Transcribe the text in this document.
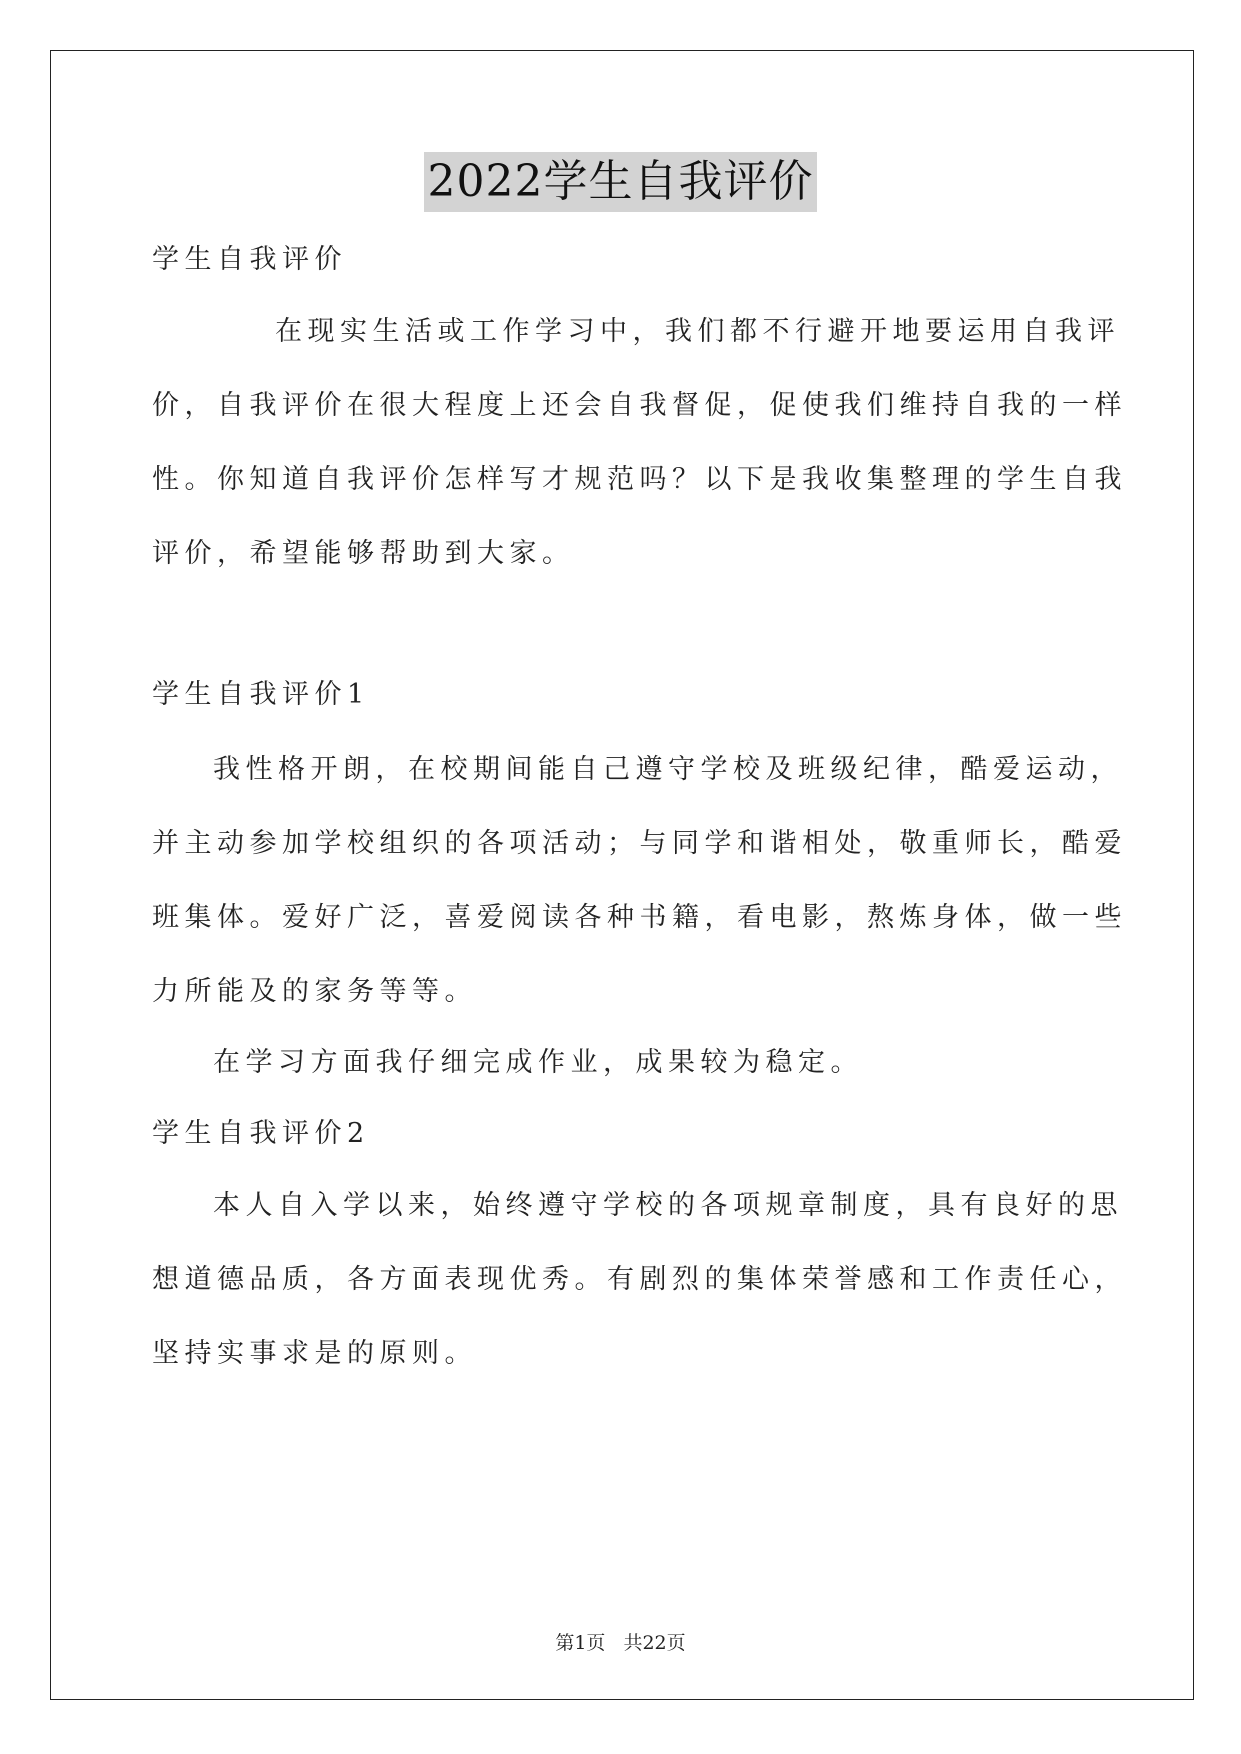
2022学生自我评价
学生自我评价
在现实生活或工作学习中，我们都不行避开地要运用自我评
价，自我评价在很大程度上还会自我督促，促使我们维持自我的一样
性。你知道自我评价怎样写才规范吗？以下是我收集整理的学生自我
评价，希望能够帮助到大家。
学生自我评价1
我性格开朗，在校期间能自己遵守学校及班级纪律，酷爱运动，
并主动参加学校组织的各项活动；与同学和谐相处，敬重师长，酷爱
班集体。爱好广泛，喜爱阅读各种书籍，看电影，熬炼身体，做一些
力所能及的家务等等。
在学习方面我仔细完成作业，成果较为稳定。
学生自我评价2
本人自入学以来，始终遵守学校的各项规章制度，具有良好的思
想道德品质，各方面表现优秀。有剧烈的集体荣誉感和工作责任心，
坚持实事求是的原则。
第1页 共22页
